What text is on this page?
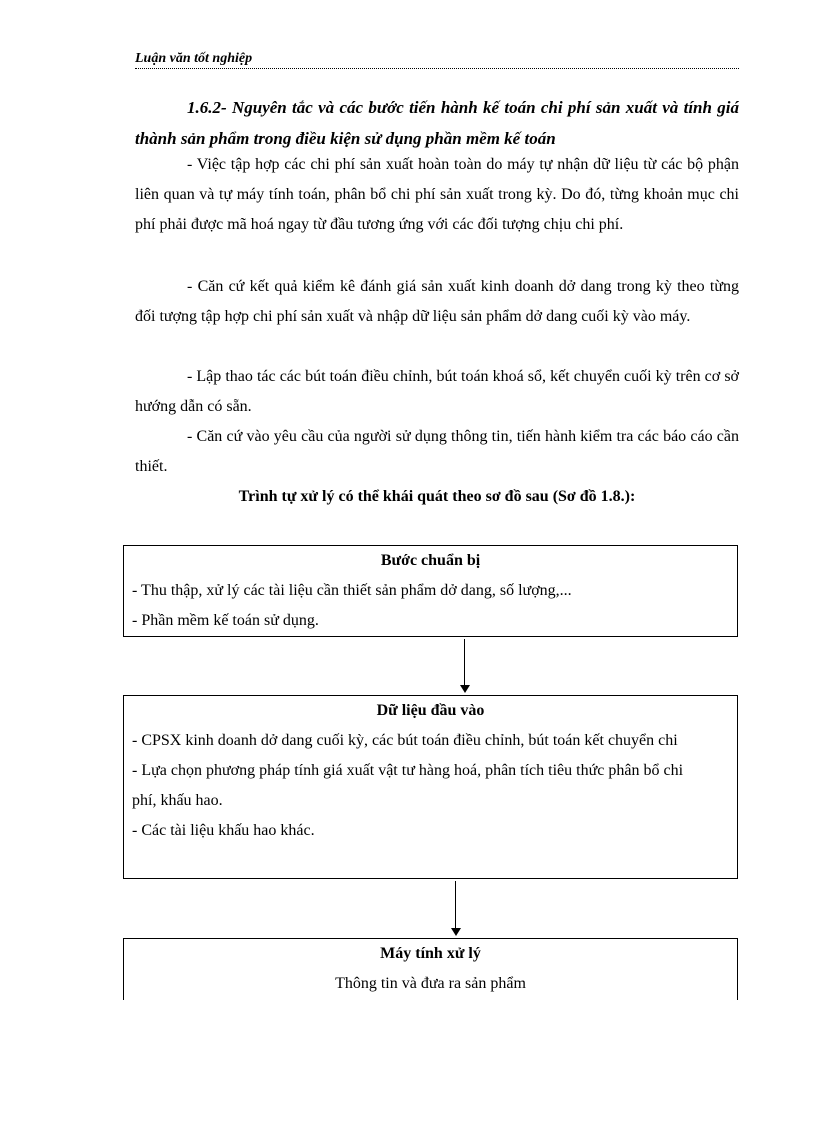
Luận văn tốt nghiệp
1.6.2- Nguyên tắc và các bước tiến hành kế toán chi phí sản xuất và tính giá thành sản phẩm trong điều kiện sử dụng phần mềm kế toán
- Việc tập hợp các chi phí sản xuất hoàn toàn do máy tự nhận dữ liệu từ các bộ phận liên quan và tự máy tính toán, phân bổ chi phí sản xuất trong kỳ. Do đó, từng khoản mục chi phí phải được mã hoá ngay từ đầu tương ứng với các đối tượng chịu chi phí.
- Căn cứ kết quả kiểm kê đánh giá sản xuất kinh doanh dở dang trong kỳ theo từng đối tượng tập hợp chi phí sản xuất và nhập dữ liệu sản phẩm dở dang cuối kỳ vào máy.
- Lập thao tác các bút toán điều chỉnh, bút toán khoá sổ, kết chuyển cuối kỳ trên cơ sở hướng dẫn có sẵn.
- Căn cứ vào yêu cầu của người sử dụng thông tin, tiến hành kiểm tra các báo cáo cần thiết.
Trình tự xử lý có thể khái quát theo sơ đồ sau (Sơ đồ 1.8.):
Bước chuẩn bị
- Thu thập, xử lý các tài liệu cần thiết sản phẩm dở dang, số lượng,...
- Phần mềm kế toán sử dụng.
Dữ liệu đầu vào
- CPSX kinh doanh dở dang cuối kỳ, các bút toán điều chỉnh, bút toán kết chuyển chi
- Lựa chọn phương pháp tính giá xuất vật tư hàng hoá, phân tích tiêu thức phân bổ chi
phí, khấu hao.
- Các tài liệu khấu hao khác.
Máy tính xử lý
Thông tin và đưa ra sản phẩm
